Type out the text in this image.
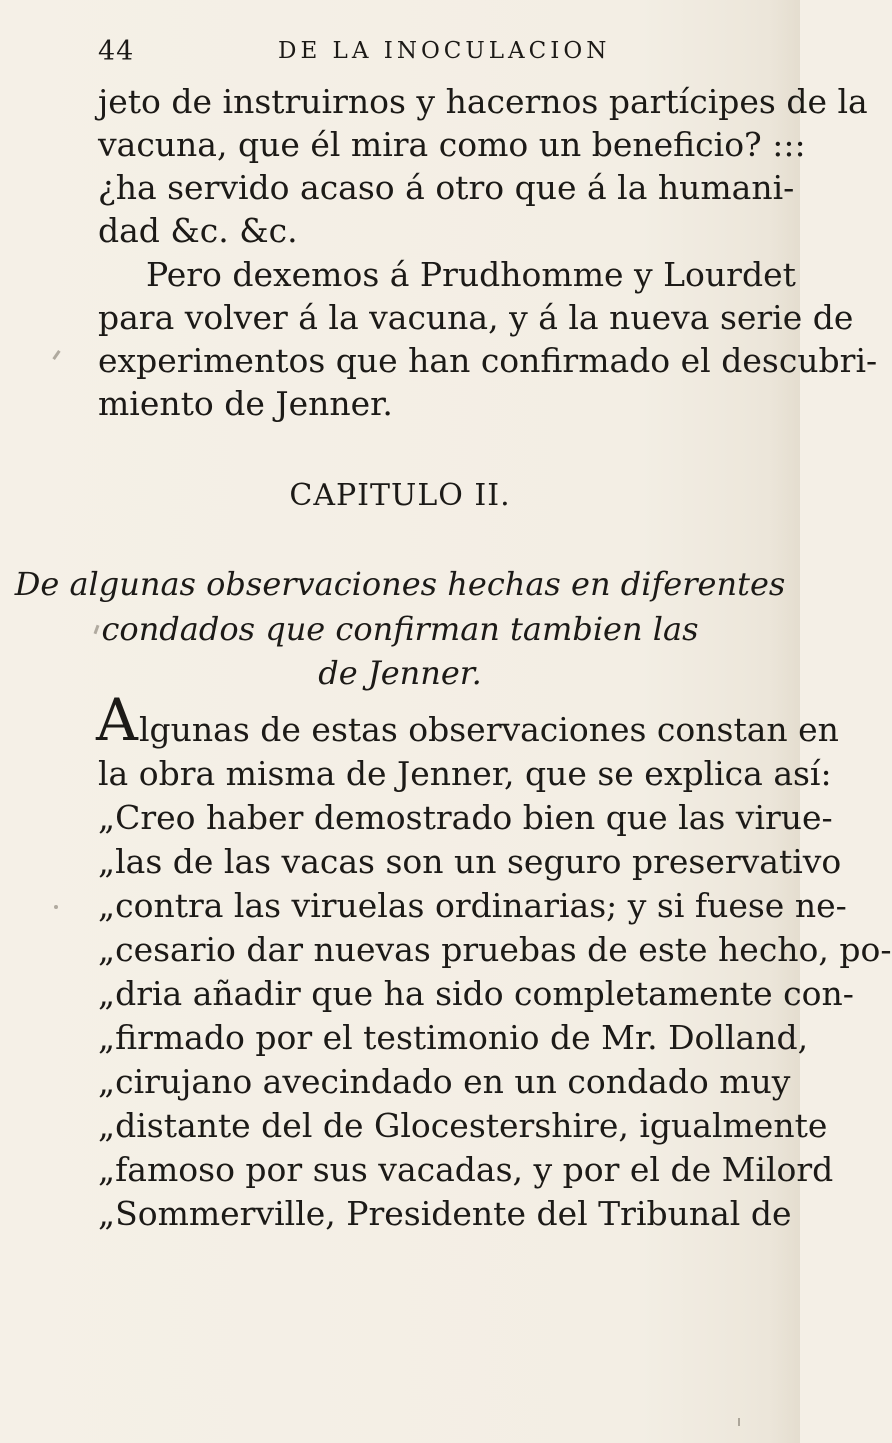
44	DE LA INOCULACION
jeto de instruirnos y hacernos partícipes de la
vacuna, que él mira como un beneficio? :::
¿ha servido acaso á otro que á la humani-
dad &c. &c.
Pero dexemos á Prudhomme y Lourdet
para volver á la vacuna, y á la nueva serie de
experimentos que han confirmado el descubri-
miento de Jenner.
CAPITULO II.
De algunas observaciones hechas en diferentes
condados que confirman tambien las
de Jenner.
A lgunas de estas observaciones constan en
la obra misma de Jenner, que se explica así:
„Creo haber demostrado bien que las virue-
„las de las vacas son un seguro preservativo
„contra las viruelas ordinarias; y si fuese ne-
„cesario dar nuevas pruebas de este hecho, po-
„dria añadir que ha sido completamente con-
„firmado por el testimonio de Mr. Dolland,
„cirujano avecindado en un condado muy
„distante del de Glocestershire, igualmente
„famoso por sus vacadas, y por el de Milord
„Sommerville, Presidente del Tribunal de
